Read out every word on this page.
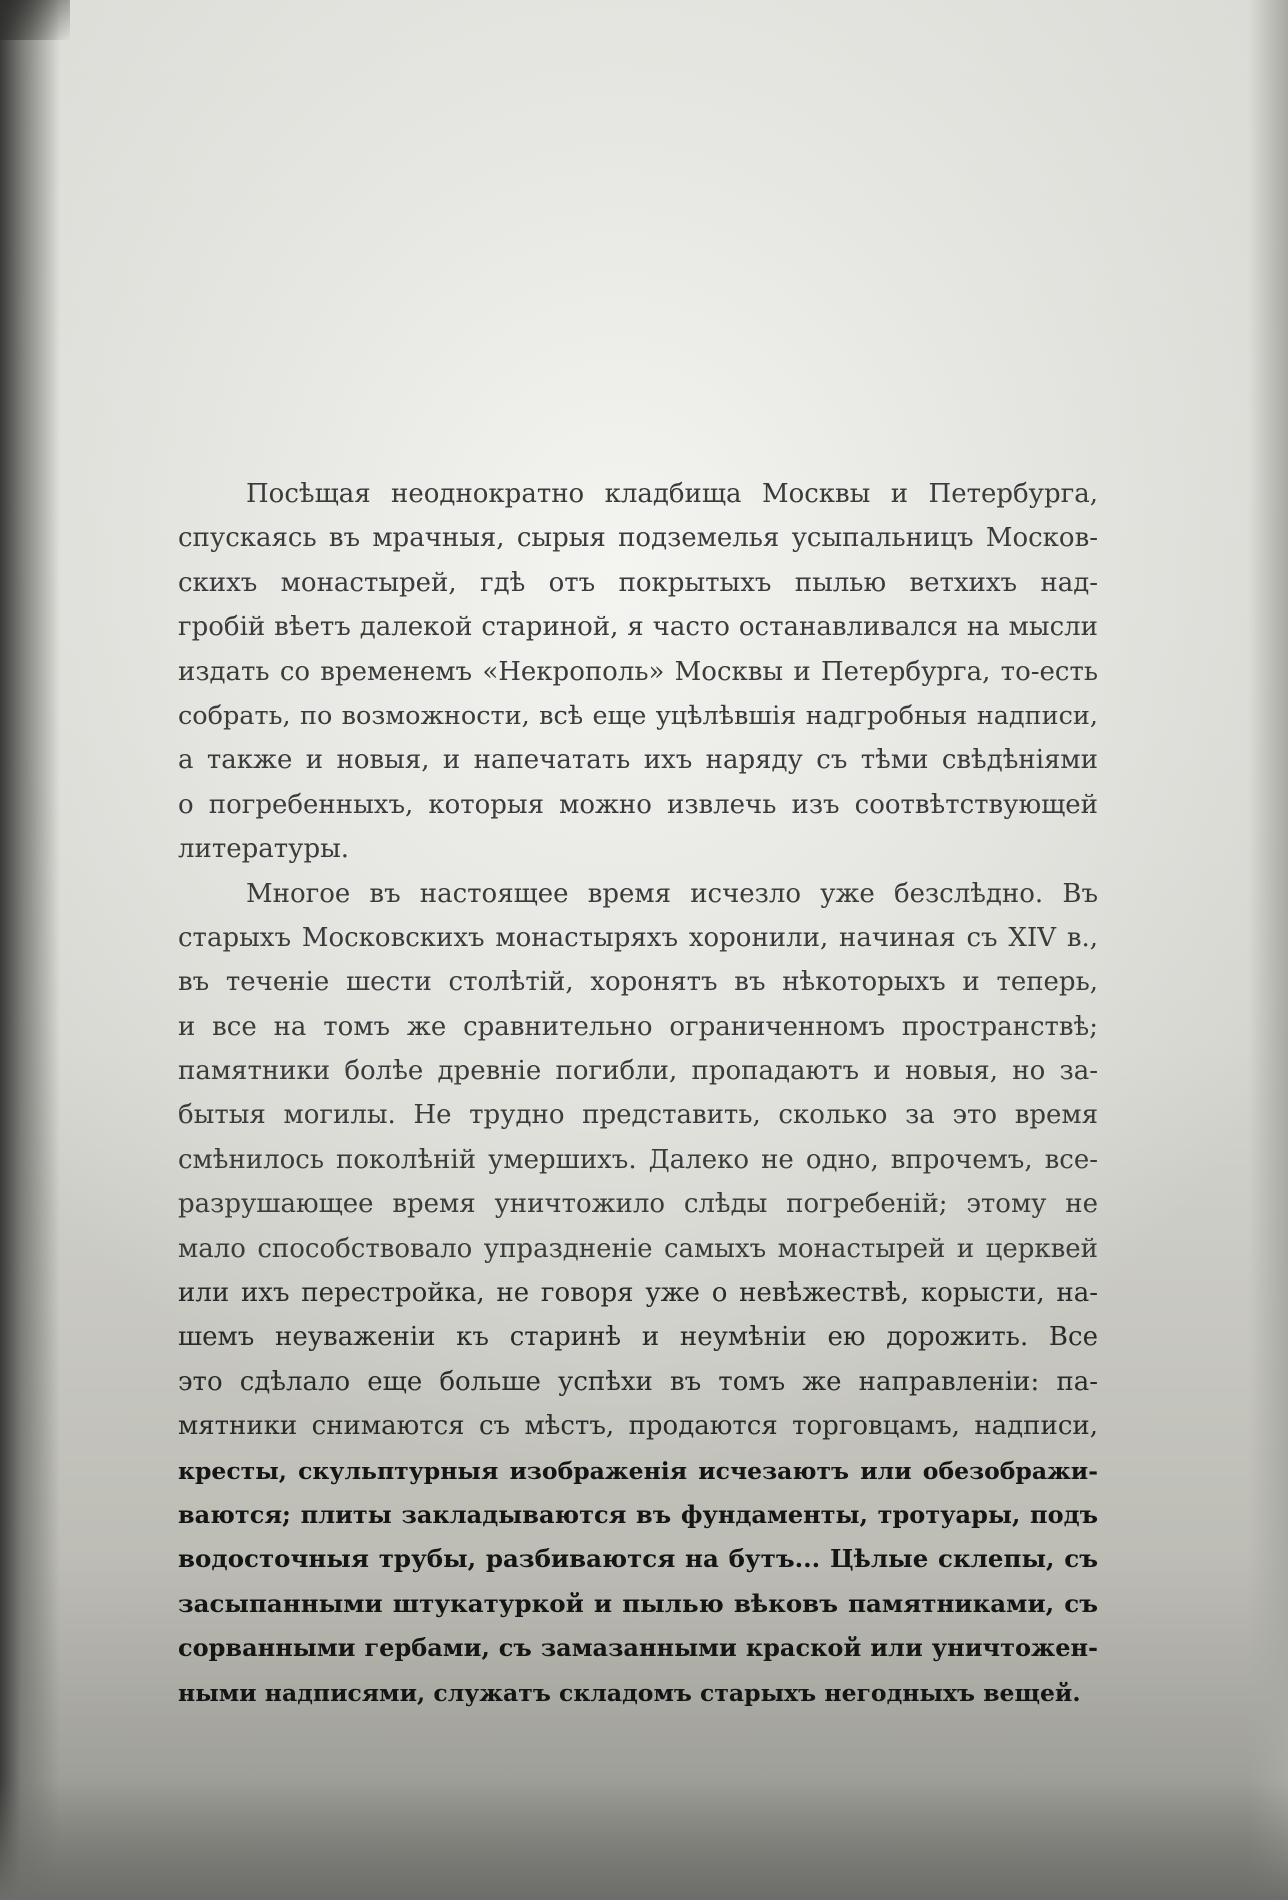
Посѣщая неоднократно кладбища Москвы и Петербурга,
спускаясь въ мрачныя, сырыя подземелья усыпальницъ Москов-
скихъ монастырей, гдѣ отъ покрытыхъ пылью ветхихъ над-
гробій вѣетъ далекой стариной, я часто останавливался на мысли
издать со временемъ «Некрополь» Москвы и Петербурга, то-есть
собрать, по возможности, всѣ еще уцѣлѣвшія надгробныя надписи,
а также и новыя, и напечатать ихъ наряду съ тѣми свѣдѣніями
о погребенныхъ, которыя можно извлечь изъ соотвѣтствующей
литературы.
Многое въ настоящее время исчезло уже безслѣдно. Въ
старыхъ Московскихъ монастыряхъ хоронили, начиная съ XIV в.,
въ теченіе шести столѣтій, хоронятъ въ нѣкоторыхъ и теперь,
и все на томъ же сравнительно ограниченномъ пространствѣ;
памятники болѣе древніе погибли, пропадаютъ и новыя, но за-
бытыя могилы. Не трудно представить, сколько за это время
смѣнилось поколѣній умершихъ. Далеко не одно, впрочемъ, все-
разрушающее время уничтожило слѣды погребеній; этому не
мало способствовало упраздненіе самыхъ монастырей и церквей
или ихъ перестройка, не говоря уже о невѣжествѣ, корысти, на-
шемъ неуваженіи къ старинѣ и неумѣніи ею дорожить. Все
это сдѣлало еще больше успѣхи въ томъ же направленіи: па-
мятники снимаются съ мѣстъ, продаются торговцамъ, надписи,
кресты, скульптурныя изображенія исчезаютъ или обезображи-
ваются; плиты закладываются въ фундаменты, тротуары, подъ
водосточныя трубы, разбиваются на бутъ... Цѣлые склепы, съ
засыпанными штукатуркой и пылью вѣковъ памятниками, съ
сорванными гербами, съ замазанными краской или уничтожен-
ными надписями, служатъ складомъ старыхъ негодныхъ вещей.
